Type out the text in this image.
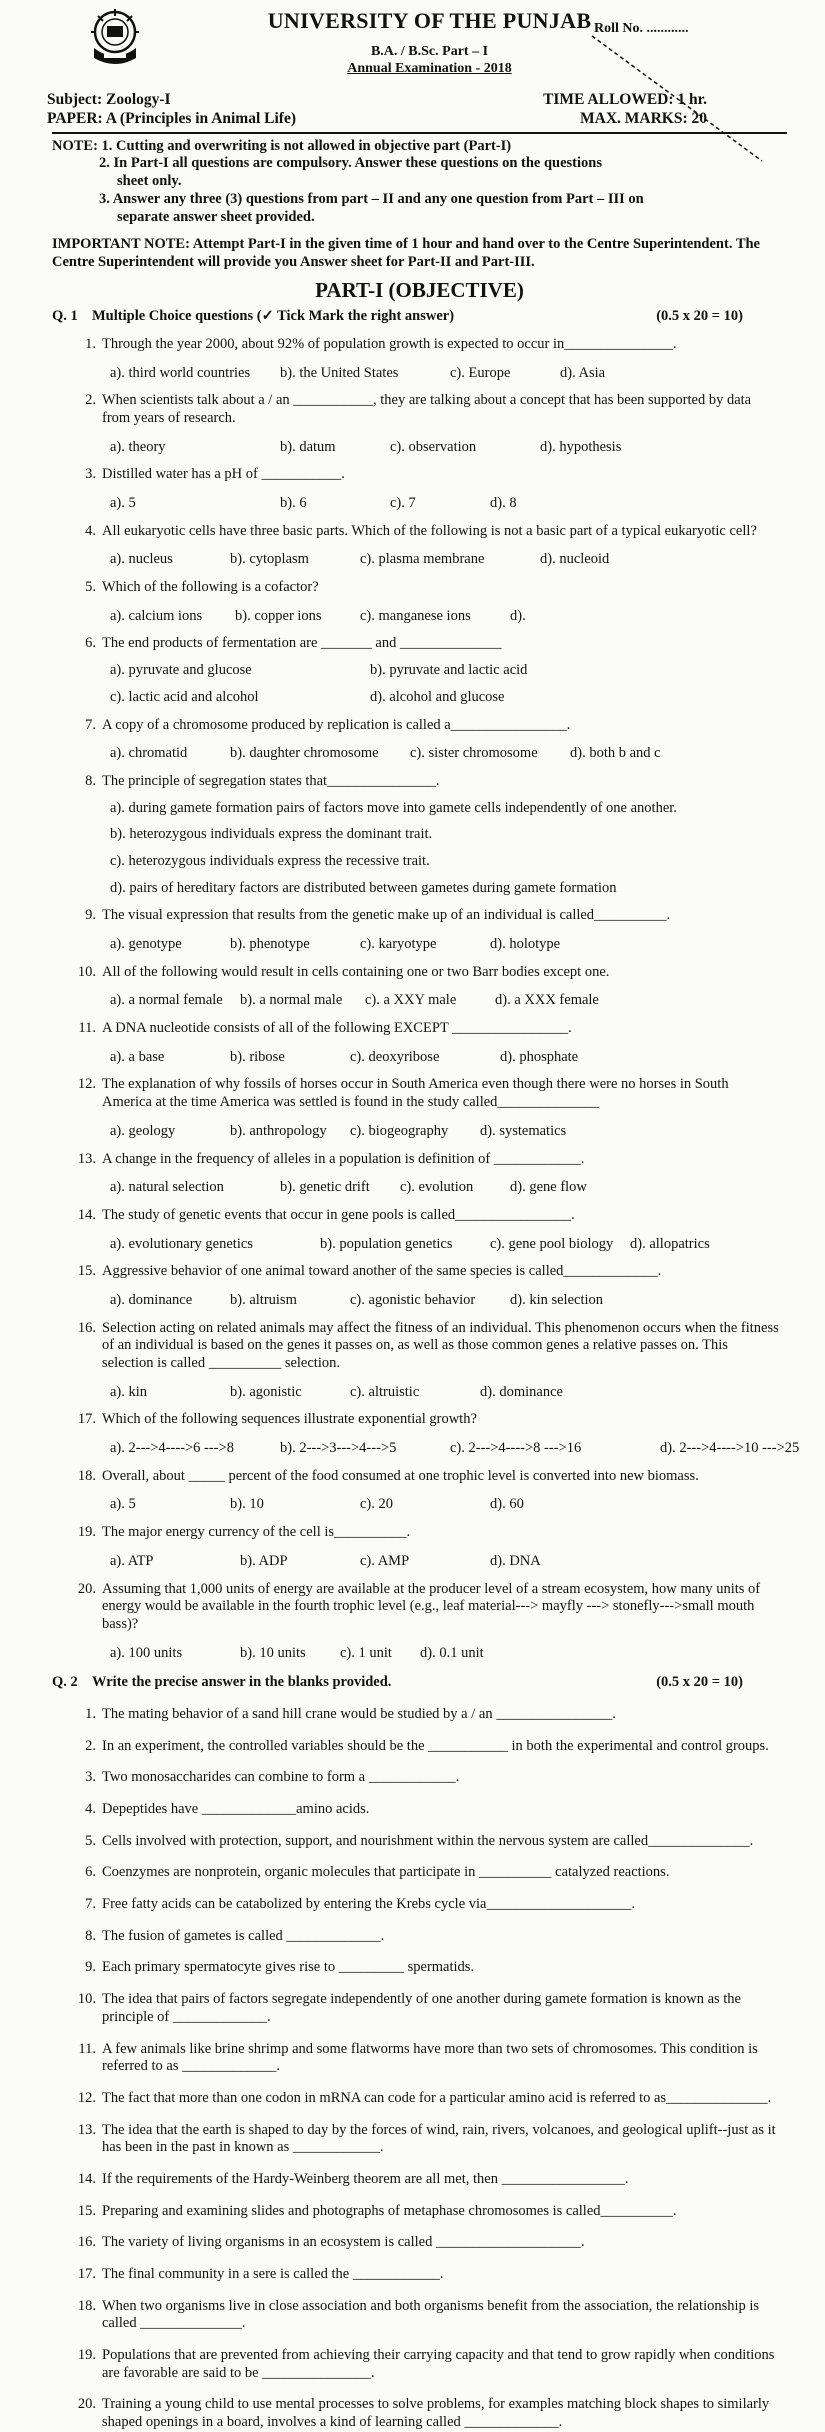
Roll No. ............
UNIVERSITY OF THE PUNJAB
B.A. / B.Sc. Part – I
Annual Examination - 2018
Subject: Zoology-I	TIME ALLOWED: 1 hr.
PAPER: A (Principles in Animal Life)	MAX. MARKS: 20
NOTE: 1. Cutting and overwriting is not allowed in objective part (Part-I)
2. In Part-I all questions are compulsory. Answer these questions on the questions
sheet only.
3. Answer any three (3) questions from part – II and any one question from Part – III on
separate answer sheet provided.
IMPORTANT NOTE: Attempt Part-I in the given time of 1 hour and hand over to the Centre Superintendent. The Centre Superintendent will provide you Answer sheet for Part-II and Part-III.
PART-I (OBJECTIVE)
Q. 1 Multiple Choice questions (✓ Tick Mark the right answer)	(0.5 x 20 = 10)
1. Through the year 2000, about 92% of population growth is expected to occur in_______________.
a). third world countries	b). the United States	c). Europe	d). Asia
2. When scientists talk about a / an ___________, they are talking about a concept that has been supported by data from years of research.
a). theory	b). datum	c). observation	d). hypothesis
3. Distilled water has a pH of ___________.
a). 5	b). 6	c). 7	d). 8
4. All eukaryotic cells have three basic parts. Which of the following is not a basic part of a typical eukaryotic cell?
a). nucleus	b). cytoplasm	c). plasma membrane	d). nucleoid
5. Which of the following is a cofactor?
a). calcium ions	b). copper ions	c). manganese ions	d).
6. The end products of fermentation are _______ and ______________
a). pyruvate and glucose	b). pyruvate and lactic acid
c). lactic acid and alcohol	d). alcohol and glucose
7. A copy of a chromosome produced by replication is called a________________.
a). chromatid	b). daughter chromosome	c). sister chromosome	d). both b and c
8. The principle of segregation states that_______________.
a). during gamete formation pairs of factors move into gamete cells independently of one another.
b). heterozygous individuals express the dominant trait.
c). heterozygous individuals express the recessive trait.
d). pairs of hereditary factors are distributed between gametes during gamete formation
9. The visual expression that results from the genetic make up of an individual is called__________.
a). genotype	b). phenotype	c). karyotype	d). holotype
10. All of the following would result in cells containing one or two Barr bodies except one.
a). a normal female	b). a normal male	c). a XXY male	d). a XXX female
11. A DNA nucleotide consists of all of the following EXCEPT ________________.
a). a base	b). ribose	c). deoxyribose	d). phosphate
12. The explanation of why fossils of horses occur in South America even though there were no horses in South America at the time America was settled is found in the study called______________
a). geology	b). anthropology	c). biogeography	d). systematics
13. A change in the frequency of alleles in a population is definition of ____________.
a). natural selection	b). genetic drift	c). evolution	d). gene flow
14. The study of genetic events that occur in gene pools is called________________.
a). evolutionary genetics	b). population genetics	c). gene pool biology	d). allopatrics
15. Aggressive behavior of one animal toward another of the same species is called_____________.
a). dominance	b). altruism	c). agonistic behavior	d). kin selection
16. Selection acting on related animals may affect the fitness of an individual. This phenomenon occurs when the fitness of an individual is based on the genes it passes on, as well as those common genes a relative passes on. This selection is called __________ selection.
a). kin	b). agonistic	c). altruistic	d). dominance
17. Which of the following sequences illustrate exponential growth?
a). 2--->4---->6 --->8	b). 2--->3--->4--->5	c). 2--->4---->8 --->16	d). 2--->4---->10 --->25
18. Overall, about _____ percent of the food consumed at one trophic level is converted into new biomass.
a). 5	b). 10	c). 20	d). 60
19. The major energy currency of the cell is__________.
a). ATP	b). ADP	c). AMP	d). DNA
20. Assuming that 1,000 units of energy are available at the producer level of a stream ecosystem, how many units of energy would be available in the fourth trophic level (e.g., leaf material---> mayfly ---> stonefly--->small mouth bass)?
a). 100 units	b). 10 units	c). 1 unit	d). 0.1 unit
Q. 2 Write the precise answer in the blanks provided.	(0.5 x 20 = 10)
1. The mating behavior of a sand hill crane would be studied by a / an ________________.
2. In an experiment, the controlled variables should be the ___________ in both the experimental and control groups.
3. Two monosaccharides can combine to form a ____________.
4. Depeptides have _____________amino acids.
5. Cells involved with protection, support, and nourishment within the nervous system are called______________.
6. Coenzymes are nonprotein, organic molecules that participate in __________ catalyzed reactions.
7. Free fatty acids can be catabolized by entering the Krebs cycle via____________________.
8. The fusion of gametes is called _____________.
9. Each primary spermatocyte gives rise to _________ spermatids.
10. The idea that pairs of factors segregate independently of one another during gamete formation is known as the principle of _____________.
11. A few animals like brine shrimp and some flatworms have more than two sets of chromosomes. This condition is referred to as _____________.
12. The fact that more than one codon in mRNA can code for a particular amino acid is referred to as______________.
13. The idea that the earth is shaped to day by the forces of wind, rain, rivers, volcanoes, and geological uplift--just as it has been in the past in known as ____________.
14. If the requirements of the Hardy-Weinberg theorem are all met, then _________________.
15. Preparing and examining slides and photographs of metaphase chromosomes is called__________.
16. The variety of living organisms in an ecosystem is called ____________________.
17. The final community in a sere is called the ____________.
18. When two organisms live in close association and both organisms benefit from the association, the relationship is called ______________.
19. Populations that are prevented from achieving their carrying capacity and that tend to grow rapidly when conditions are favorable are said to be _______________.
20. Training a young child to use mental processes to solve problems, for examples matching block shapes to similarly shaped openings in a board, involves a kind of learning called _____________.
